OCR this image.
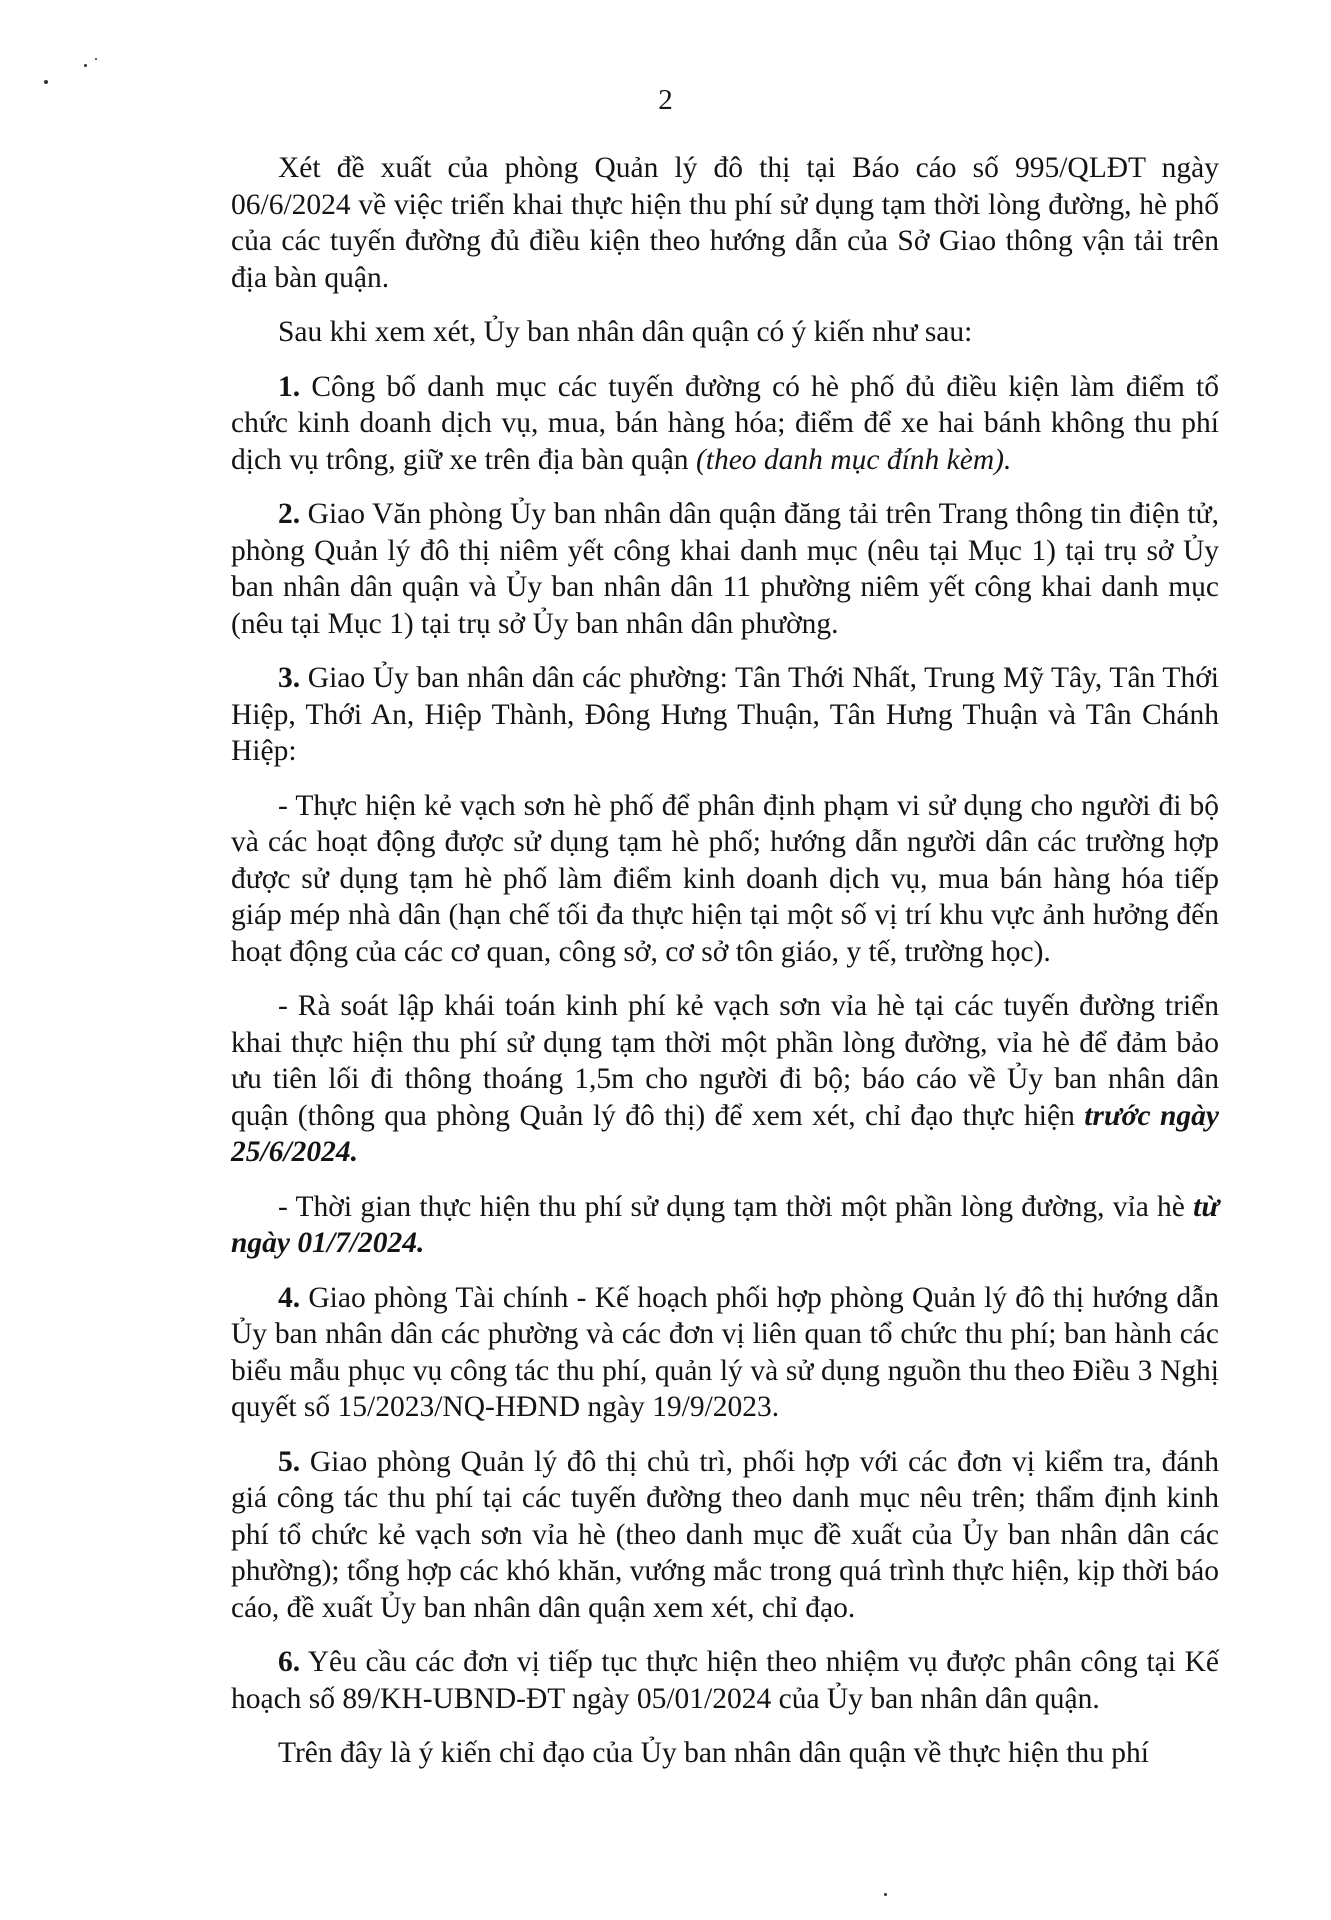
2

Xét đề xuất của phòng Quản lý đô thị tại Báo cáo số 995/QLĐT ngày 06/6/2024 về việc triển khai thực hiện thu phí sử dụng tạm thời lòng đường, hè phố của các tuyến đường đủ điều kiện theo hướng dẫn của Sở Giao thông vận tải trên địa bàn quận.

Sau khi xem xét, Ủy ban nhân dân quận có ý kiến như sau:

1. Công bố danh mục các tuyến đường có hè phố đủ điều kiện làm điểm tổ chức kinh doanh dịch vụ, mua, bán hàng hóa; điểm để xe hai bánh không thu phí dịch vụ trông, giữ xe trên địa bàn quận (theo danh mục đính kèm).

2. Giao Văn phòng Ủy ban nhân dân quận đăng tải trên Trang thông tin điện tử, phòng Quản lý đô thị niêm yết công khai danh mục (nêu tại Mục 1) tại trụ sở Ủy ban nhân dân quận và Ủy ban nhân dân 11 phường niêm yết công khai danh mục (nêu tại Mục 1) tại trụ sở Ủy ban nhân dân phường.

3. Giao Ủy ban nhân dân các phường: Tân Thới Nhất, Trung Mỹ Tây, Tân Thới Hiệp, Thới An, Hiệp Thành, Đông Hưng Thuận, Tân Hưng Thuận và Tân Chánh Hiệp:

- Thực hiện kẻ vạch sơn hè phố để phân định phạm vi sử dụng cho người đi bộ và các hoạt động được sử dụng tạm hè phố; hướng dẫn người dân các trường hợp được sử dụng tạm hè phố làm điểm kinh doanh dịch vụ, mua bán hàng hóa tiếp giáp mép nhà dân (hạn chế tối đa thực hiện tại một số vị trí khu vực ảnh hưởng đến hoạt động của các cơ quan, công sở, cơ sở tôn giáo, y tế, trường học).

- Rà soát lập khái toán kinh phí kẻ vạch sơn vỉa hè tại các tuyến đường triển khai thực hiện thu phí sử dụng tạm thời một phần lòng đường, vỉa hè để đảm bảo ưu tiên lối đi thông thoáng 1,5m cho người đi bộ; báo cáo về Ủy ban nhân dân quận (thông qua phòng Quản lý đô thị) để xem xét, chỉ đạo thực hiện trước ngày 25/6/2024.

- Thời gian thực hiện thu phí sử dụng tạm thời một phần lòng đường, vỉa hè từ ngày 01/7/2024.

4. Giao phòng Tài chính - Kế hoạch phối hợp phòng Quản lý đô thị hướng dẫn Ủy ban nhân dân các phường và các đơn vị liên quan tổ chức thu phí; ban hành các biểu mẫu phục vụ công tác thu phí, quản lý và sử dụng nguồn thu theo Điều 3 Nghị quyết số 15/2023/NQ-HĐND ngày 19/9/2023.

5. Giao phòng Quản lý đô thị chủ trì, phối hợp với các đơn vị kiểm tra, đánh giá công tác thu phí tại các tuyến đường theo danh mục nêu trên; thẩm định kinh phí tổ chức kẻ vạch sơn vỉa hè (theo danh mục đề xuất của Ủy ban nhân dân các phường); tổng hợp các khó khăn, vướng mắc trong quá trình thực hiện, kịp thời báo cáo, đề xuất Ủy ban nhân dân quận xem xét, chỉ đạo.

6. Yêu cầu các đơn vị tiếp tục thực hiện theo nhiệm vụ được phân công tại Kế hoạch số 89/KH-UBND-ĐT ngày 05/01/2024 của Ủy ban nhân dân quận.

Trên đây là ý kiến chỉ đạo của Ủy ban nhân dân quận về thực hiện thu phí
